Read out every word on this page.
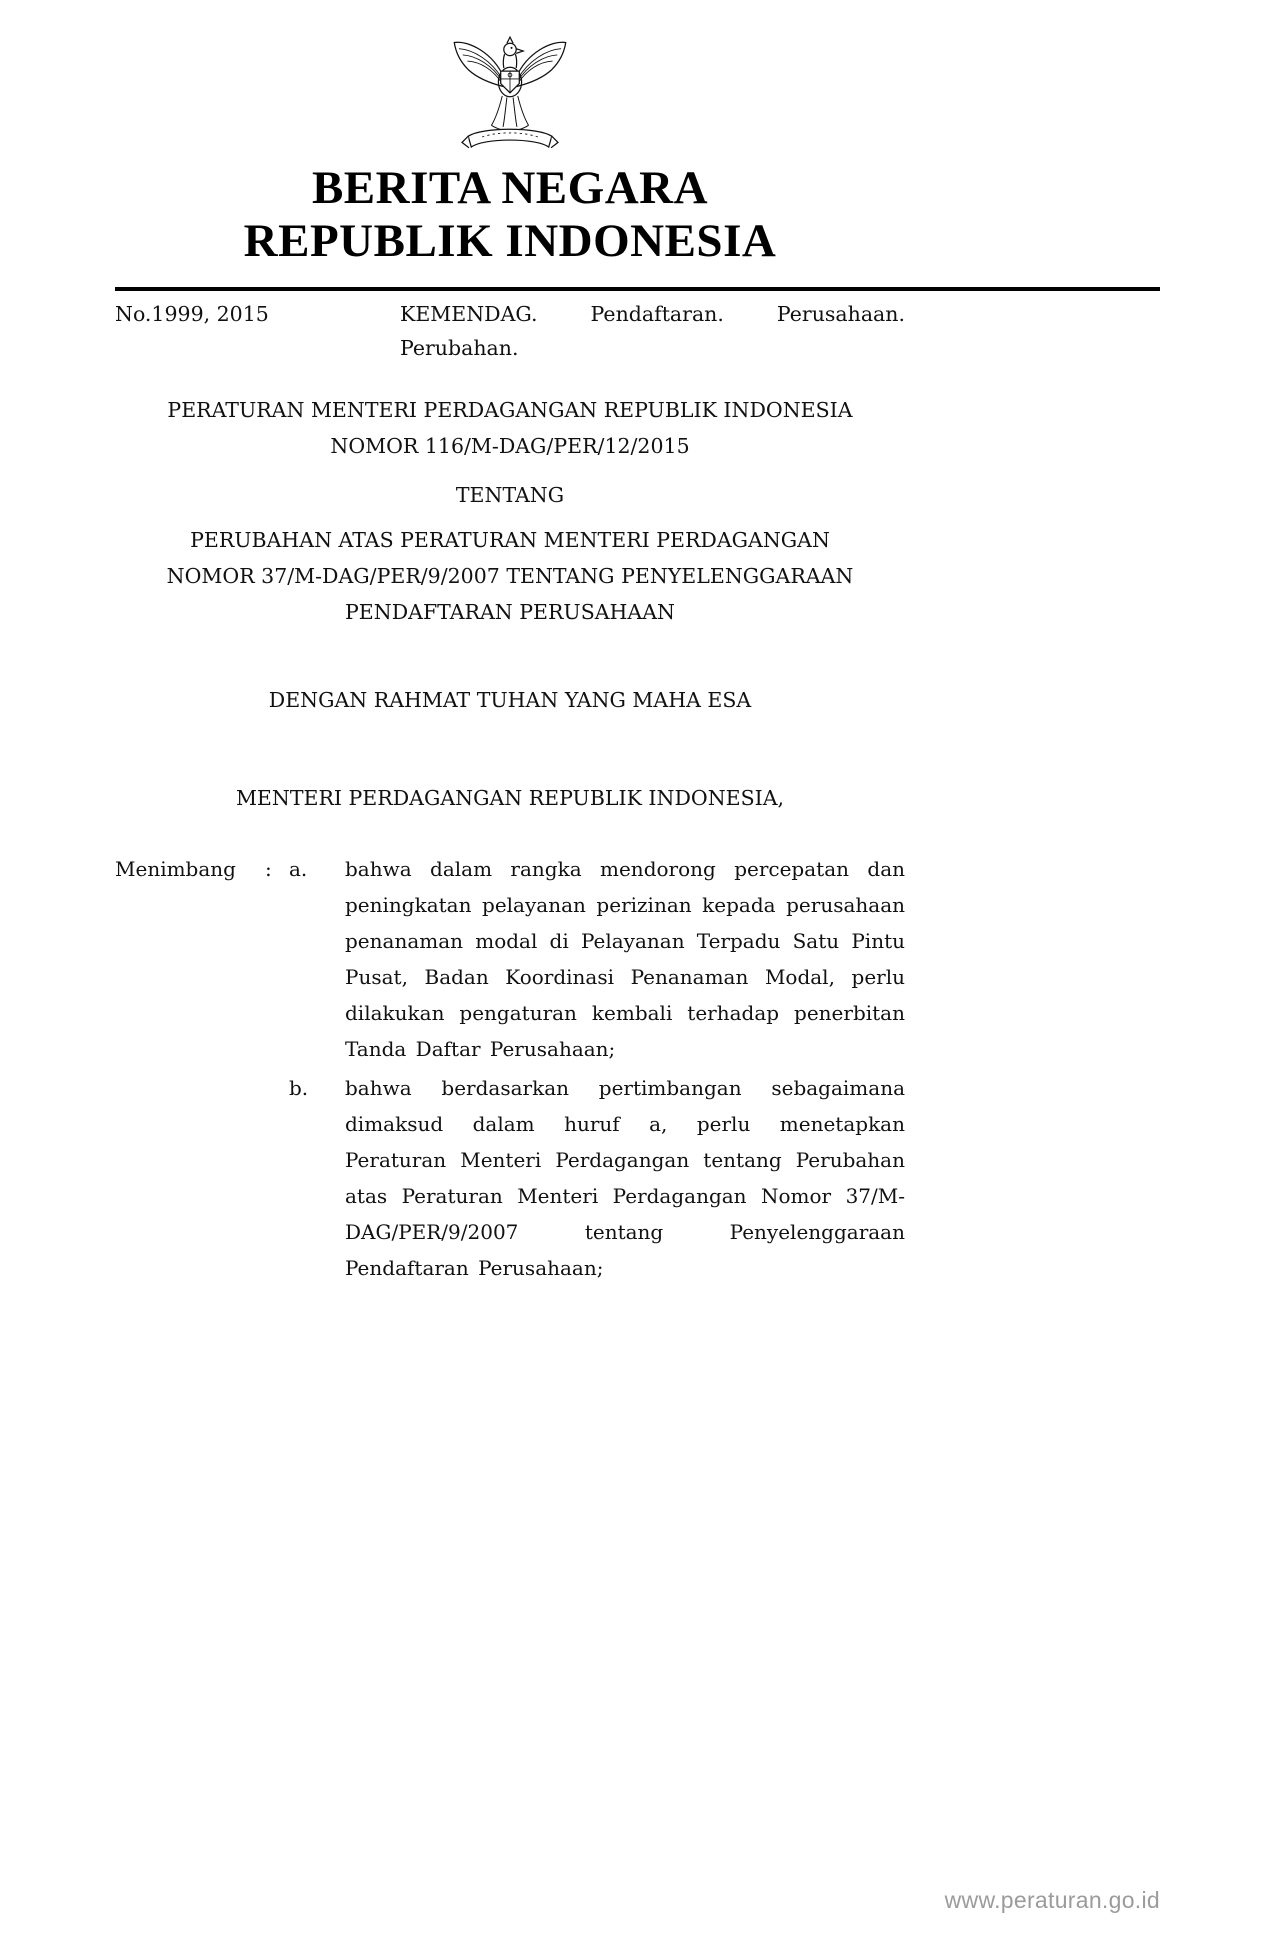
BERITA NEGARA
REPUBLIK INDONESIA
No.1999, 2015	KEMENDAG. Pendaftaran. Perusahaan.
Perubahan.
PERATURAN MENTERI PERDAGANGAN REPUBLIK INDONESIA
NOMOR 116/M-DAG/PER/12/2015
TENTANG
PERUBAHAN ATAS PERATURAN MENTERI PERDAGANGAN
NOMOR 37/M-DAG/PER/9/2007 TENTANG PENYELENGGARAAN
PENDAFTARAN PERUSAHAAN
DENGAN RAHMAT TUHAN YANG MAHA ESA
MENTERI PERDAGANGAN REPUBLIK INDONESIA,
Menimbang	: a.	bahwa dalam rangka mendorong percepatan dan peningkatan pelayanan perizinan kepada perusahaan penanaman modal di Pelayanan Terpadu Satu Pintu Pusat, Badan Koordinasi Penanaman Modal, perlu dilakukan pengaturan kembali terhadap penerbitan Tanda Daftar Perusahaan;
b.	bahwa berdasarkan pertimbangan sebagaimana dimaksud dalam huruf a, perlu menetapkan Peraturan Menteri Perdagangan tentang Perubahan atas Peraturan Menteri Perdagangan Nomor 37/M-DAG/PER/9/2007 tentang Penyelenggaraan Pendaftaran Perusahaan;
www.peraturan.go.id
